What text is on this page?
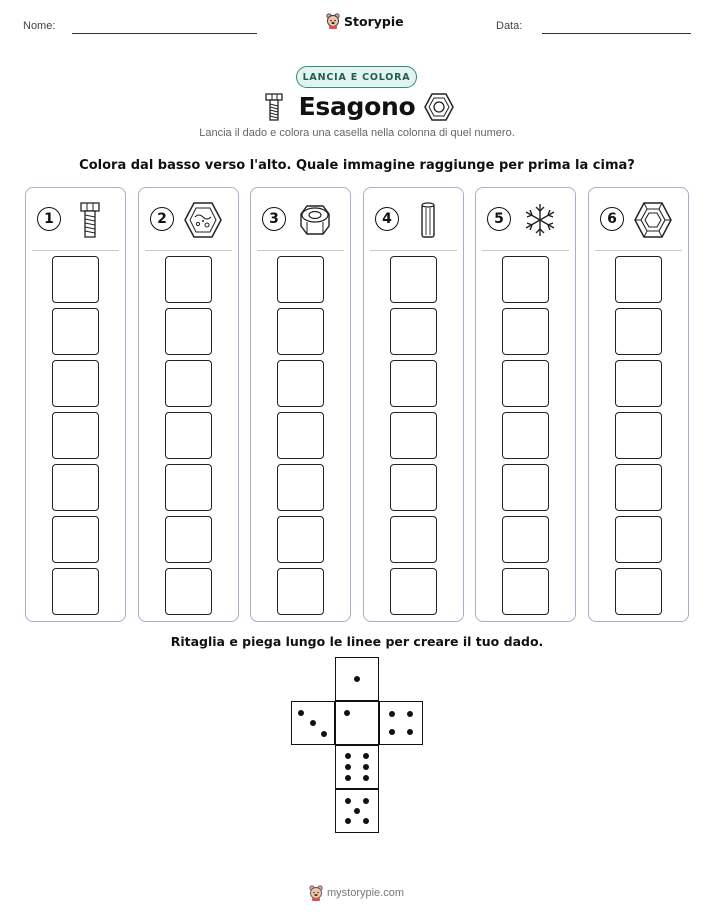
Nome:	Storypie	Data:
LANCIA E COLORA
Esagono
Lancia il dado e colora una casella nella colonna di quel numero.
Colora dal basso verso l'alto. Quale immagine raggiunge per prima la cima?
1	2	3	4	5	6
Ritaglia e piega lungo le linee per creare il tuo dado.
mystorypie.com
